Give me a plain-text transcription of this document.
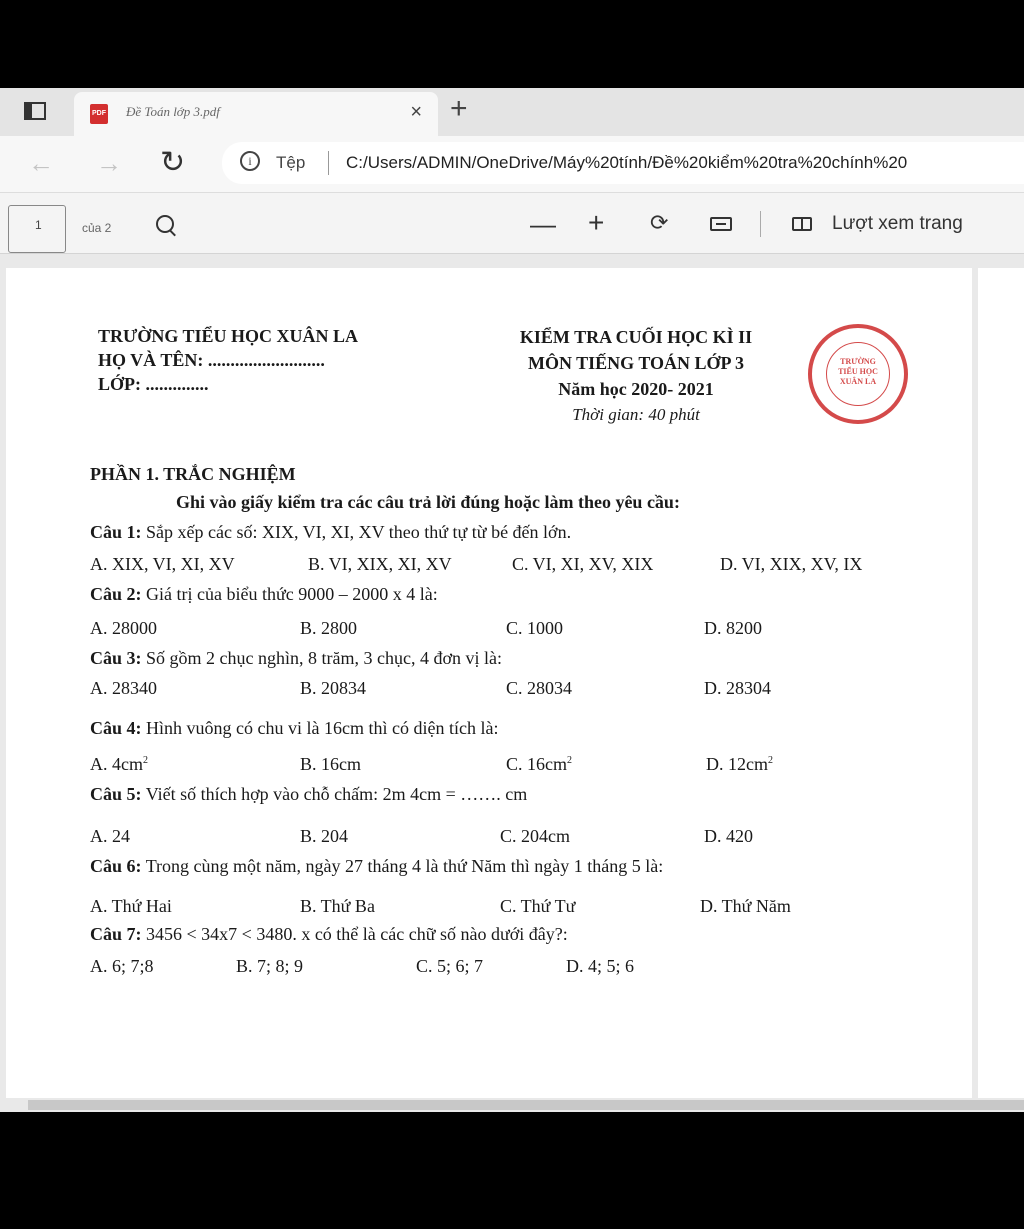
PDF Đề Toán lớp 3.pdf	× +
← → ↻	i	Tệp C:/Users/ADMIN/OneDrive/Máy%20tính/Đề%20kiểm%20tra%20chính%20
1	của 2	— + ⟳	Lượt xem trang
TRƯỜNG TIỂU HỌC XUÂN LA
HỌ VÀ TÊN: ..........................
LỚP: ..............
KIỂM TRA CUỐI HỌC KÌ II
MÔN TIẾNG TOÁN LỚP 3
Năm học 2020- 2021
Thời gian: 40 phút
TRƯỜNG
TIỂU HỌC
XUÂN LA
PHẦN 1. TRẮC NGHIỆM
Ghi vào giấy kiểm tra các câu trả lời đúng hoặc làm theo yêu cầu:
Câu 1: Sắp xếp các số: XIX, VI, XI, XV theo thứ tự từ bé đến lớn.
A. XIX, VI, XI, XV	B. VI, XIX, XI, XV	C. VI, XI, XV, XIX	D. VI, XIX, XV, IX
Câu 2: Giá trị của biểu thức 9000 – 2000 x 4 là:
A. 28000	B. 2800	C. 1000	D. 8200
Câu 3: Số gồm 2 chục nghìn, 8 trăm, 3 chục, 4 đơn vị là:
A. 28340	B. 20834	C. 28034	D. 28304
Câu 4: Hình vuông có chu vi là 16cm thì có diện tích là:
A. $4cm^2$	B. 16cm	C. $16cm^2$	D. $12cm^2$
Câu 5: Viết số thích hợp vào chỗ chấm: 2m 4cm = ……. cm
A. 24	B. 204	C. 204cm	D. 420
Câu 6: Trong cùng một năm, ngày 27 tháng 4 là thứ Năm thì ngày 1 tháng 5 là:
A. Thứ Hai	B. Thứ Ba	C. Thứ Tư	D. Thứ Năm
Câu 7: 3456 < 34x7 < 3480. x có thể là các chữ số nào dưới đây?:
A. 6; 7;8	B. 7; 8; 9	C. 5; 6; 7	D. 4; 5; 6
